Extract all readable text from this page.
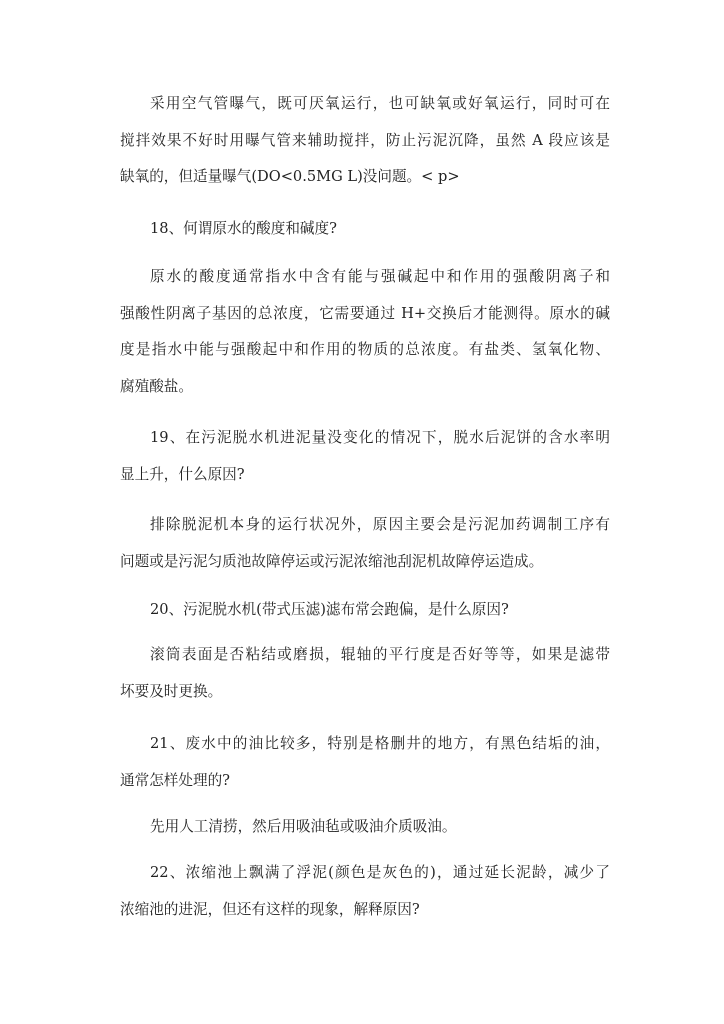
采用空气管曝气，既可厌氧运行，也可缺氧或好氧运行，同时可在
搅拌效果不好时用曝气管来辅助搅拌，防止污泥沉降，虽然 A 段应该是
缺氧的，但适量曝气(DO<0.5MG L)没问题。< p>
18、何谓原水的酸度和碱度?
原水的酸度通常指水中含有能与强碱起中和作用的强酸阴离子和
强酸性阴离子基因的总浓度，它需要通过 H+交换后才能测得。原水的碱
度是指水中能与强酸起中和作用的物质的总浓度。有盐类、氢氧化物、
腐殖酸盐。
19、在污泥脱水机进泥量没变化的情况下，脱水后泥饼的含水率明
显上升，什么原因?
排除脱泥机本身的运行状况外，原因主要会是污泥加药调制工序有
问题或是污泥匀质池故障停运或污泥浓缩池刮泥机故障停运造成。
20、污泥脱水机(带式压滤)滤布常会跑偏，是什么原因?
滚筒表面是否粘结或磨损，辊轴的平行度是否好等等，如果是滤带
坏要及时更换。
21、废水中的油比较多，特别是格删井的地方，有黑色结垢的油，
通常怎样处理的?
先用人工清捞，然后用吸油毡或吸油介质吸油。
22、浓缩池上飘满了浮泥(颜色是灰色的)，通过延长泥龄，减少了
浓缩池的进泥，但还有这样的现象，解释原因?
